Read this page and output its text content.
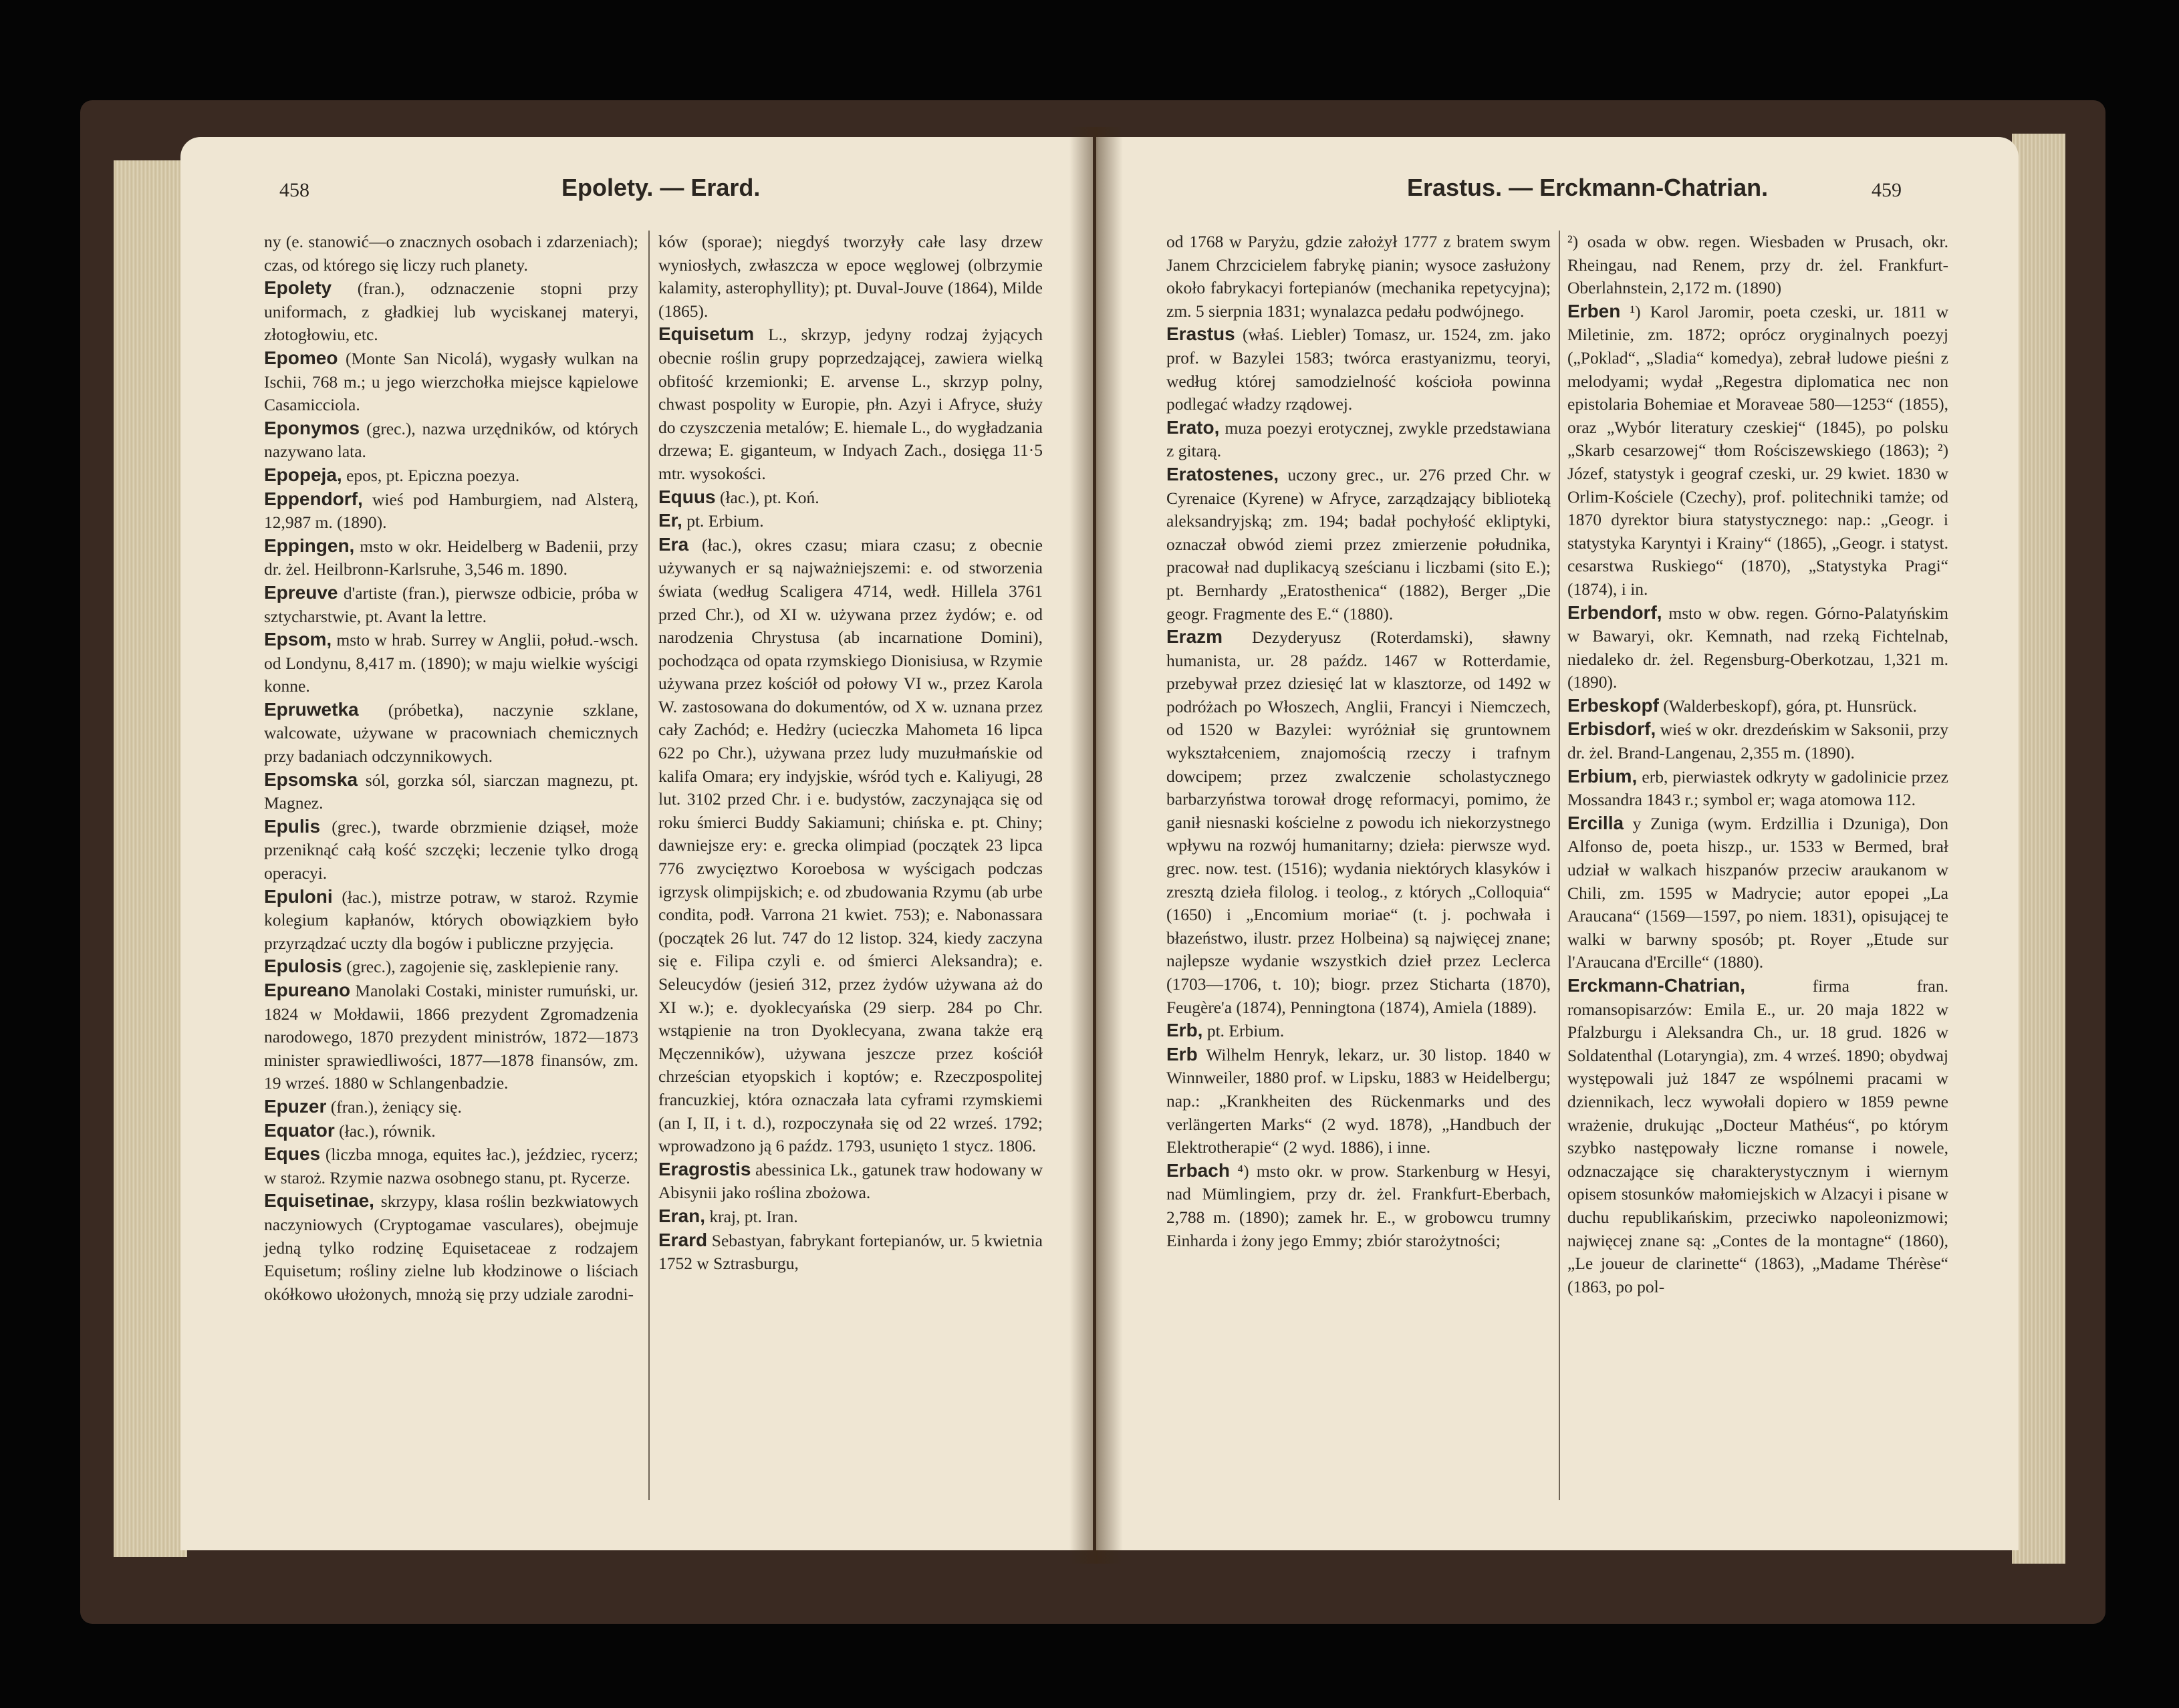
458	Epolety. — Erard.

ny (e. stanowić—o znacznych osobach i zdarzeniach); czas, od którego się liczy ruch planety.

Epolety (fran.), odznaczenie stopni przy uniformach, z gładkiej lub wyciskanej materyi, złotogłowiu, etc.

Epomeo (Monte San Nicolá), wygasły wulkan na Ischii, 768 m.; u jego wierzchołka miejsce kąpielowe Casamicciola.

Eponymos (grec.), nazwa urzędników, od których nazywano lata.

Epopeja, epos, pt. Epiczna poezya.

Eppendorf, wieś pod Hamburgiem, nad Alsterą, 12,987 m. (1890).

Eppingen, msto w okr. Heidelberg w Badenii, przy dr. żel. Heilbronn-Karlsruhe, 3,546 m. 1890.

Epreuve d'artiste (fran.), pierwsze odbicie, próba w sztycharstwie, pt. Avant la lettre.

Epsom, msto w hrab. Surrey w Anglii, połud.-wsch. od Londynu, 8,417 m. (1890); w maju wielkie wyścigi konne.

Epruwetka (próbetka), naczynie szklane, walcowate, używane w pracowniach chemicznych przy badaniach odczynnikowych.

Epsomska sól, gorzka sól, siarczan magnezu, pt. Magnez.

Epulis (grec.), twarde obrzmienie dziąseł, może przeniknąć całą kość szczęki; leczenie tylko drogą operacyi.

Epuloni (łac.), mistrze potraw, w staroż. Rzymie kolegium kapłanów, których obowiązkiem było przyrządzać uczty dla bogów i publiczne przyjęcia.

Epulosis (grec.), zagojenie się, zasklepienie rany.

Epureano Manolaki Costaki, minister rumuński, ur. 1824 w Mołdawii, 1866 prezydent Zgromadzenia narodowego, 1870 prezydent ministrów, 1872—1873 minister sprawiedliwości, 1877—1878 finansów, zm. 19 wrześ. 1880 w Schlangenbadzie.

Epuzer (fran.), żeniący się.

Equator (łac.), równik.

Eques (liczba mnoga, equites łac.), jeździec, rycerz; w staroż. Rzymie nazwa osobnego stanu, pt. Rycerze.

Equisetinae, skrzypy, klasa roślin bezkwiatowych naczyniowych (Cryptogamae vasculares), obejmuje jedną tylko rodzinę Equisetaceae z rodzajem Equisetum; rośliny zielne lub kłodzinowe o liściach okółkowo ułożonych, mnożą się przy udziale zarodni-

ków (sporae); niegdyś tworzyły całe lasy drzew wyniosłych, zwłaszcza w epoce węglowej (olbrzymie kalamity, asterophyllity); pt. Duval-Jouve (1864), Milde (1865).

Equisetum L., skrzyp, jedyny rodzaj żyjących obecnie roślin grupy poprzedzającej, zawiera wielką obfitość krzemionki; E. arvense L., skrzyp polny, chwast pospolity w Europie, płn. Azyi i Afryce, służy do czyszczenia metalów; E. hiemale L., do wygładzania drzewa; E. giganteum, w Indyach Zach., dosięga 11·5 mtr. wysokości.

Equus (łac.), pt. Koń.

Er, pt. Erbium.

Era (łac.), okres czasu; miara czasu; z obecnie używanych er są najważniejszemi: e. od stworzenia świata (według Scaligera 4714, wedł. Hillela 3761 przed Chr.), od XI w. używana przez żydów; e. od narodzenia Chrystusa (ab incarnatione Domini), pochodząca od opata rzymskiego Dionisiusa, w Rzymie używana przez kościół od połowy VI w., przez Karola W. zastosowana do dokumentów, od X w. uznana przez cały Zachód; e. Hedżry (ucieczka Mahometa 16 lipca 622 po Chr.), używana przez ludy muzułmańskie od kalifa Omara; ery indyjskie, wśród tych e. Kaliyugi, 28 lut. 3102 przed Chr. i e. budystów, zaczynająca się od roku śmierci Buddy Sakiamuni; chińska e. pt. Chiny; dawniejsze ery: e. grecka olimpiad (początek 23 lipca 776 zwycięztwo Koroebosa w wyścigach podczas igrzysk olimpijskich; e. od zbudowania Rzymu (ab urbe condita, podł. Varrona 21 kwiet. 753); e. Nabonassara (początek 26 lut. 747 do 12 listop. 324, kiedy zaczyna się e. Filipa czyli e. od śmierci Aleksandra); e. Seleucydów (jesień 312, przez żydów używana aż do XI w.); e. dyoklecyańska (29 sierp. 284 po Chr. wstąpienie na tron Dyoklecyana, zwana także erą Męczenników), używana jeszcze przez kościół chrześcian etyopskich i koptów; e. Rzeczpospolitej francuzkiej, która oznaczała lata cyframi rzymskiemi (an I, II, i t. d.), rozpoczynała się od 22 wrześ. 1792; wprowadzono ją 6 paźdz. 1793, usunięto 1 stycz. 1806.

Eragrostis abessinica Lk., gatunek traw hodowany w Abisynii jako roślina zbożowa.

Eran, kraj, pt. Iran.

Erard Sebastyan, fabrykant fortepianów, ur. 5 kwietnia 1752 w Sztrasburgu,

Erastus. — Erckmann-Chatrian.	459

od 1768 w Paryżu, gdzie założył 1777 z bratem swym Janem Chrzcicielem fabrykę pianin; wysoce zasłużony około fabrykacyi fortepianów (mechanika repetycyjna); zm. 5 sierpnia 1831; wynalazca pedału podwójnego.

Erastus (właś. Liebler) Tomasz, ur. 1524, zm. jako prof. w Bazylei 1583; twórca erastyanizmu, teoryi, według której samodzielność kościoła powinna podlegać władzy rządowej.

Erato, muza poezyi erotycznej, zwykle przedstawiana z gitarą.

Eratostenes, uczony grec., ur. 276 przed Chr. w Cyrenaice (Kyrene) w Afryce, zarządzający biblioteką aleksandryjską; zm. 194; badał pochyłość ekliptyki, oznaczał obwód ziemi przez zmierzenie południka, pracował nad duplikacyą sześcianu i liczbami (sito E.); pt. Bernhardy „Eratosthenica“ (1882), Berger „Die geogr. Fragmente des E.“ (1880).

Erazm Dezyderyusz (Roterdamski), sławny humanista, ur. 28 paźdz. 1467 w Rotterdamie, przebywał przez dziesięć lat w klasztorze, od 1492 w podróżach po Włoszech, Anglii, Francyi i Niemczech, od 1520 w Bazylei: wyróżniał się gruntownem wykształceniem, znajomością rzeczy i trafnym dowcipem; przez zwalczenie scholastycznego barbarzyństwa torował drogę reformacyi, pomimo, że ganił niesnaski kościelne z powodu ich niekorzystnego wpływu na rozwój humanitarny; dzieła: pierwsze wyd. grec. now. test. (1516); wydania niektórych klasyków i zresztą dzieła filolog. i teolog., z których „Colloquia“ (1650) i „Encomium moriae“ (t. j. pochwała i błazeństwo, ilustr. przez Holbeina) są najwięcej znane; najlepsze wydanie wszystkich dzieł przez Leclerca (1703—1706, t. 10); biogr. przez Sticharta (1870), Feugère'a (1874), Penningtona (1874), Amiela (1889).

Erb, pt. Erbium.

Erb Wilhelm Henryk, lekarz, ur. 30 listop. 1840 w Winnweiler, 1880 prof. w Lipsku, 1883 w Heidelbergu; nap.: „Krankheiten des Rückenmarks und des verlängerten Marks“ (2 wyd. 1878), „Handbuch der Elektrotherapie“ (2 wyd. 1886), i inne.

Erbach ⁴) msto okr. w prow. Starkenburg w Hesyi, nad Mümlingiem, przy dr. żel. Frankfurt-Eberbach, 2,788 m. (1890); zamek hr. E., w grobowcu trumny Einharda i żony jego Emmy; zbiór starożytności;

²) osada w obw. regen. Wiesbaden w Prusach, okr. Rheingau, nad Renem, przy dr. żel. Frankfurt-Oberlahnstein, 2,172 m. (1890)

Erben ¹) Karol Jaromir, poeta czeski, ur. 1811 w Miletinie, zm. 1872; oprócz oryginalnych poezyj („Poklad“, „Sladia“ komedya), zebrał ludowe pieśni z melodyami; wydał „Regestra diplomatica nec non epistolaria Bohemiae et Moraveae 580—1253“ (1855), oraz „Wybór literatury czeskiej“ (1845), po polsku „Skarb cesarzowej“ tłom Rościszewskiego (1863); ²) Józef, statystyk i geograf czeski, ur. 29 kwiet. 1830 w Orlim-Kościele (Czechy), prof. politechniki tamże; od 1870 dyrektor biura statystycznego: nap.: „Geogr. i statystyka Karyntyi i Krainy“ (1865), „Geogr. i statyst. cesarstwa Ruskiego“ (1870), „Statystyka Pragi“ (1874), i in.

Erbendorf, msto w obw. regen. Górno-Palatyńskim w Bawaryi, okr. Kemnath, nad rzeką Fichtelnab, niedaleko dr. żel. Regensburg-Oberkotzau, 1,321 m. (1890).

Erbeskopf (Walderbeskopf), góra, pt. Hunsrück.

Erbisdorf, wieś w okr. drezdeńskim w Saksonii, przy dr. żel. Brand-Langenau, 2,355 m. (1890).

Erbium, erb, pierwiastek odkryty w gadolinicie przez Mossandra 1843 r.; symbol er; waga atomowa 112.

Ercilla y Zuniga (wym. Erdzillia i Dzuniga), Don Alfonso de, poeta hiszp., ur. 1533 w Bermed, brał udział w walkach hiszpanów przeciw araukanom w Chili, zm. 1595 w Madrycie; autor epopei „La Araucana“ (1569—1597, po niem. 1831), opisującej te walki w barwny sposób; pt. Royer „Etude sur l'Araucana d'Ercille“ (1880).

Erckmann-Chatrian,	firma fran. romansopisarzów: Emila E., ur. 20 maja 1822 w Pfalzburgu i Aleksandra Ch., ur. 18 grud. 1826 w Soldatenthal (Lotaryngia), zm. 4 wrześ. 1890; obydwaj występowali już 1847 ze wspólnemi pracami w dziennikach, lecz wywołali dopiero w 1859 pewne wrażenie, drukując „Docteur Mathéus“, po którym szybko następowały liczne romanse i nowele, odznaczające się charakterystycznym i wiernym opisem stosunków małomiejskich w Alzacyi i pisane w duchu republikańskim, przeciwko napoleonizmowi; najwięcej znane są: „Contes de la montagne“ (1860), „Le joueur de clarinette“ (1863), „Madame Thérèse“ (1863, po pol-
